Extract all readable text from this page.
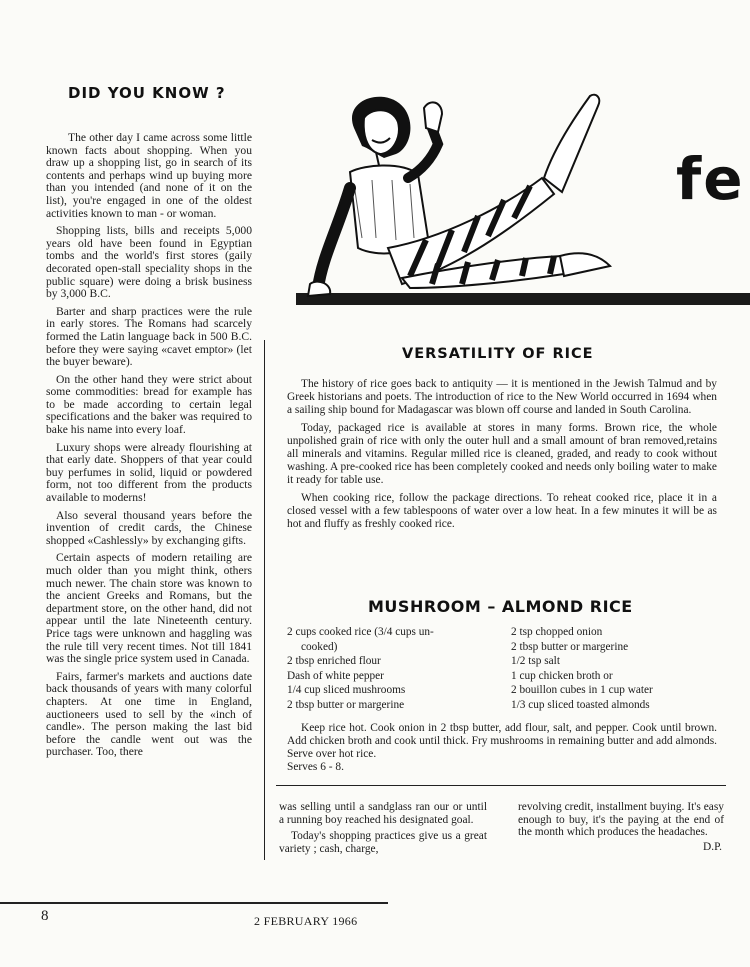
DID YOU KNOW ?

The other day I came across some little known facts about shopping. When you draw up a shopping list, go in search of its contents and perhaps wind up buying more than you intended (and none of it on the list), you're engaged in one of the oldest activities known to man - or woman.

Shopping lists, bills and receipts 5,000 years old have been found in Egyptian tombs and the world's first stores (gaily decorated open-stall speciality shops in the public square) were doing a brisk business by 3,000 B.C.

Barter and sharp practices were the rule in early stores. The Romans had scarcely formed the Latin language back in 500 B.C. before they were saying «cavet emptor» (let the buyer beware).

On the other hand they were strict about some commodities: bread for example has to be made according to certain legal specifications and the baker was required to bake his name into every loaf.

Luxury shops were already flourishing at that early date. Shoppers of that year could buy perfumes in solid, liquid or powdered form, not too different from the products available to moderns!

Also several thousand years before the invention of credit cards, the Chinese shopped «Cashlessly» by exchanging gifts.

Certain aspects of modern retailing are much older than you might think, others much newer. The chain store was known to the ancient Greeks and Romans, but the department store, on the other hand, did not appear until the late Nineteenth century. Price tags were unknown and haggling was the rule till very recent times. Not till 1841 was the single price system used in Canada.

Fairs, farmer's markets and auctions date back thousands of years with many colorful chapters. At one time in England, auctioneers used to sell by the «inch of candle». The person making the last bid before the candle went out was the purchaser. Too, there

fe
VERSATILITY OF RICE

The history of rice goes back to antiquity — it is mentioned in the Jewish Talmud and by Greek historians and poets. The introduction of rice to the New World occurred in 1694 when a sailing ship bound for Madagascar was blown off course and landed in South Carolina.

Today, packaged rice is available at stores in many forms. Brown rice, the whole unpolished grain of rice with only the outer hull and a small amount of bran removed,retains all minerals and vitamins. Regular milled rice is cleaned, graded, and ready to cook without washing. A pre-cooked rice has been completely cooked and needs only boiling water to make it ready for table use.

When cooking rice, follow the package directions. To reheat cooked rice, place it in a closed vessel with a few tablespoons of water over a low heat. In a few minutes it will be as hot and fluffy as freshly cooked rice.

MUSHROOM – ALMOND RICE
2 cups cooked rice (3/4 cups un-
cooked)
2 tbsp enriched flour
Dash of white pepper
1/4 cup sliced mushrooms
2 tbsp butter or margerine
2 tsp chopped onion
2 tbsp butter or margerine
1/2 tsp salt
1 cup chicken broth or
2 bouillon cubes in 1 cup water
1/3 cup sliced toasted almonds

Keep rice hot. Cook onion in 2 tbsp butter, add flour, salt, and pepper. Cook until brown. Add chicken broth and cook until thick. Fry mushrooms in remaining butter and add almonds. Serve over hot rice.

Serves 6 - 8.

was selling until a sandglass ran our or until a running boy reached his designated goal.

Today's shopping practices give us a great variety ; cash, charge,

revolving credit, installment buying. It's easy enough to buy, it's the paying at the end of the month which produces the headaches.

D.P.
8	2 FEBRUARY 1966
